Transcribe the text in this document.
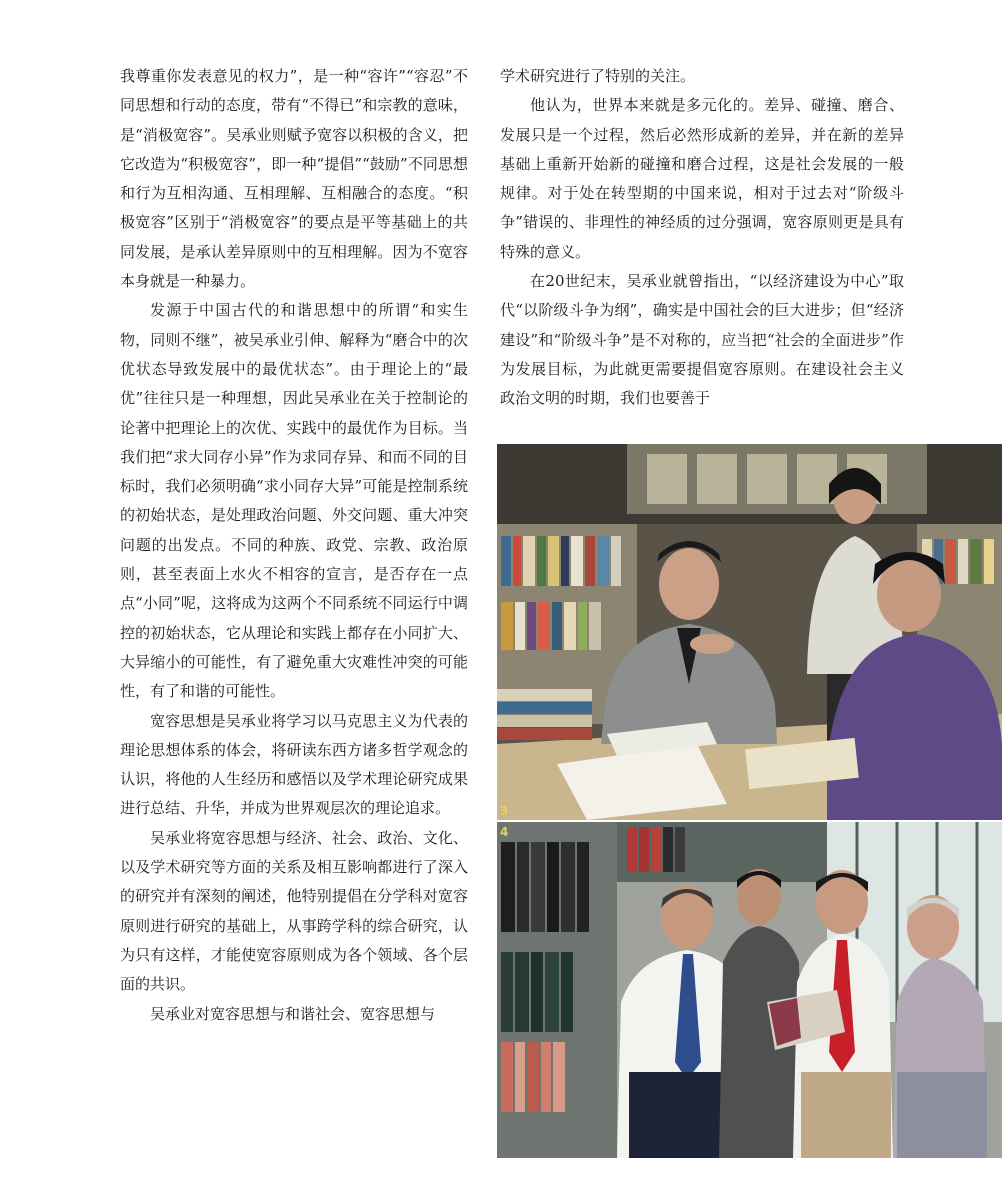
我尊重你发表意见的权力”，是一种“容许”“容忍”不同思想和行动的态度，带有“不得已”和宗教的意味，是“消极宽容”。吴承业则赋予宽容以积极的含义，把它改造为“积极宽容”，即一种“提倡”“鼓励”不同思想和行为互相沟通、互相理解、互相融合的态度。“积极宽容”区别于“消极宽容”的要点是平等基础上的共同发展，是承认差异原则中的互相理解。因为不宽容本身就是一种暴力。

发源于中国古代的和谐思想中的所谓“和实生物，同则不继”，被吴承业引伸、解释为“磨合中的次优状态导致发展中的最优状态”。由于理论上的“最优”往往只是一种理想，因此吴承业在关于控制论的论著中把理论上的次优、实践中的最优作为目标。当我们把“求大同存小异”作为求同存异、和而不同的目标时，我们必须明确“求小同存大异”可能是控制系统的初始状态，是处理政治问题、外交问题、重大冲突问题的出发点。不同的种族、政党、宗教、政治原则，甚至表面上水火不相容的宣言，是否存在一点点“小同”呢，这将成为这两个不同系统不同运行中调控的初始状态，它从理论和实践上都存在小同扩大、大异缩小的可能性，有了避免重大灾难性冲突的可能性，有了和谐的可能性。

宽容思想是吴承业将学习以马克思主义为代表的理论思想体系的体会，将研读东西方诸多哲学观念的认识，将他的人生经历和感悟以及学术理论研究成果进行总结、升华，并成为世界观层次的理论追求。

吴承业将宽容思想与经济、社会、政治、文化、以及学术研究等方面的关系及相互影响都进行了深入的研究并有深刻的阐述，他特别提倡在分学科对宽容原则进行研究的基础上，从事跨学科的综合研究，认为只有这样，才能使宽容原则成为各个领域、各个层面的共识。

吴承业对宽容思想与和谐社会、宽容思想与

学术研究进行了特别的关注。

他认为，世界本来就是多元化的。差异、碰撞、磨合、发展只是一个过程，然后必然形成新的差异，并在新的差异基础上重新开始新的碰撞和磨合过程，这是社会发展的一般规律。对于处在转型期的中国来说，相对于过去对“阶级斗争”错误的、非理性的神经质的过分强调，宽容原则更是具有特殊的意义。

在20世纪末，吴承业就曾指出，“以经济建设为中心”取代“以阶级斗争为纲”，确实是中国社会的巨大进步；但“经济建设”和“阶级斗争”是不对称的，应当把“社会的全面进步”作为发展目标，为此就更需要提倡宽容原则。在建设社会主义政治文明的时期，我们也要善于

3
4
